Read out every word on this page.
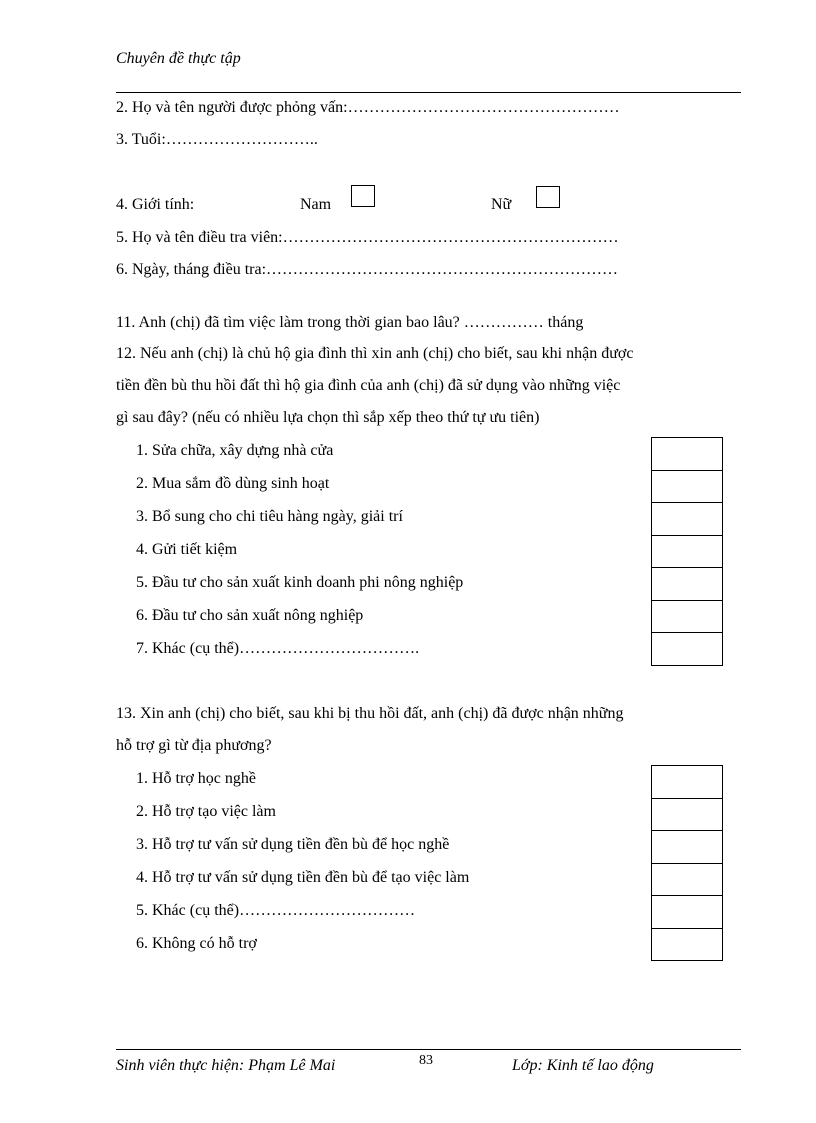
Chuyên đề thực tập
2. Họ và tên người được phỏng vấn:……………………………………………
3. Tuổi:………………………..
4. Giới tính:	Nam	Nữ
5. Họ và tên điều tra viên:………………………………………………………
6. Ngày, tháng điều tra:…………………………………………………………
11. Anh (chị) đã tìm việc làm trong thời gian bao lâu? …………… tháng
12. Nếu anh (chị) là chủ hộ gia đình thì xin anh (chị) cho biết, sau khi nhận được
tiền đền bù thu hồi đất thì hộ gia đình của anh (chị) đã sử dụng vào những việc
gì sau đây? (nếu có nhiều lựa chọn thì sắp xếp theo thứ tự ưu tiên)
1. Sửa chữa, xây dựng nhà cửa
2. Mua sắm đồ dùng sinh hoạt
3. Bổ sung cho chi tiêu hàng ngày, giải trí
4. Gửi tiết kiệm
5. Đầu tư cho sản xuất kinh doanh phi nông nghiệp
6. Đầu tư cho sản xuất nông nghiệp
7. Khác (cụ thể)…………………………….
13. Xin anh (chị) cho biết, sau khi bị thu hồi đất, anh (chị) đã được nhận những
hỗ trợ gì từ địa phương?
1. Hỗ trợ học nghề
2. Hỗ trợ tạo việc làm
3. Hỗ trợ tư vấn sử dụng tiền đền bù để học nghề
4. Hỗ trợ tư vấn sử dụng tiền đền bù để tạo việc làm
5. Khác (cụ thể)……………………………
6. Không có hỗ trợ
Sinh viên thực hiện: Phạm Lê Mai	83	Lớp: Kinh tế lao động
